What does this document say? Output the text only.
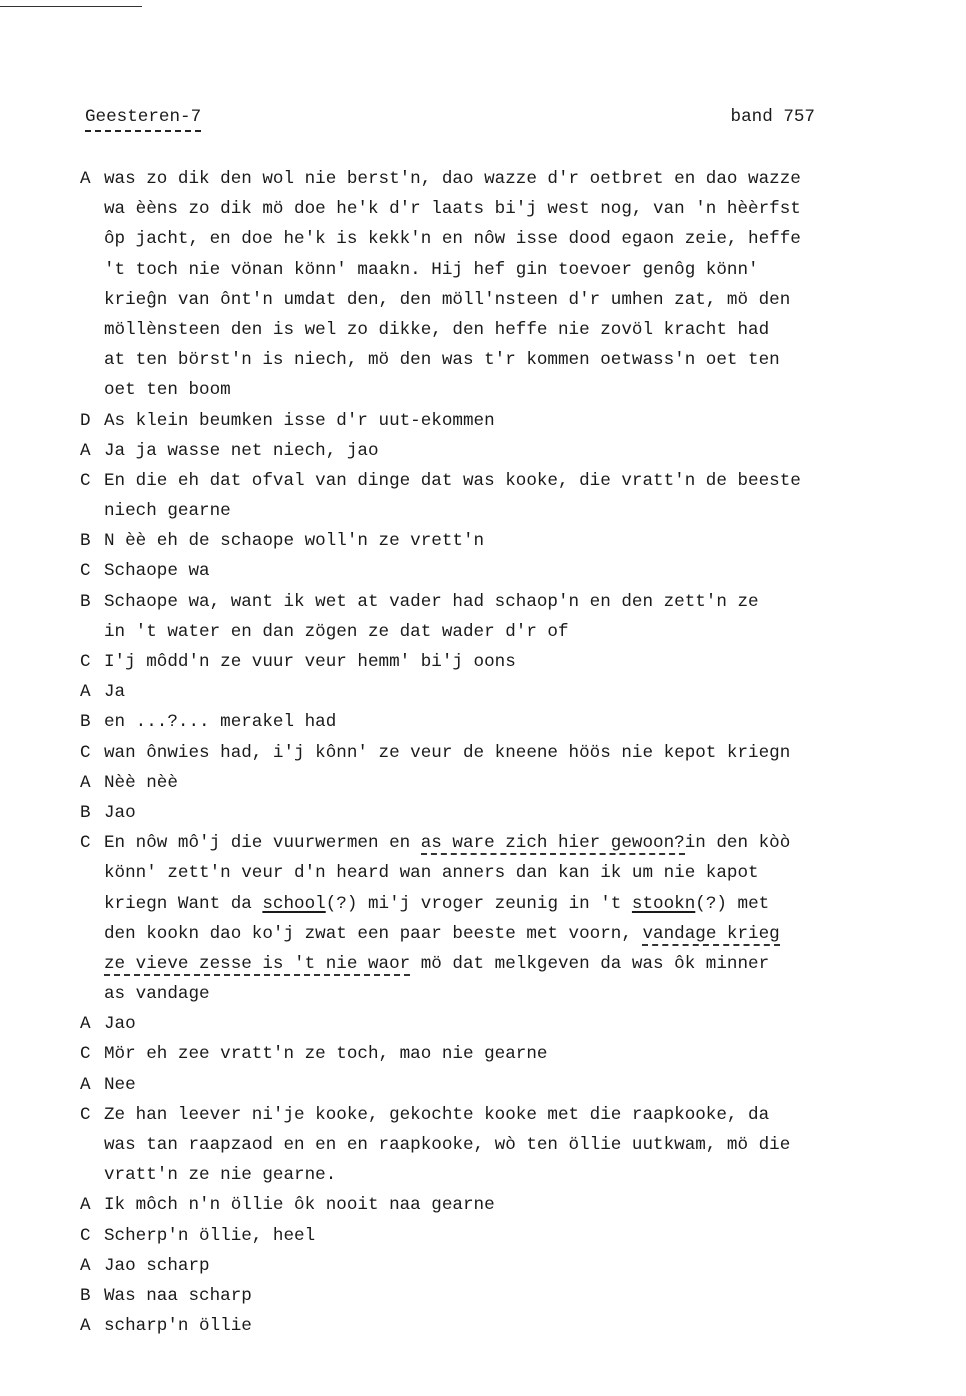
Geesteren-7	band 757
A was zo dik den wol nie berst'n, dao wazze d'r oetbret en dao wazze
wa èèns zo dik mö doe he'k d'r laats bi'j west nog, van 'n hèèrfst
ôp jacht, en doe he'k is kekk'n en nôw isse dood egaon zeie, heffe
't toch nie vönan könn' maakn. Hij hef gin toevoer genôg könn'
krieĝn van ônt'n umdat den, den möll'nsteen d'r umhen zat, mö den
möllènsteen den is wel zo dikke, den heffe nie zovöl kracht had
at ten börst'n is niech, mö den was t'r kommen oetwass'n oet ten
oet ten boom
D As klein beumken isse d'r uut-ekommen
A Ja ja wasse net niech, jao
C En die eh dat ofval van dinge dat was kooke, die vratt'n de beeste
niech gearne
B N èè eh de schaope woll'n ze vrett'n
C Schaope wa
B Schaope wa, want ik wet at vader had schaop'n en den zett'n ze
in 't water en dan zögen ze dat wader d'r of
C I'j môdd'n ze vuur veur hemm' bi'j oons
A Ja
B en ...?... merakel had
C wan ônwies had, i'j kônn' ze veur de kneene höös nie kepot kriegn
A Nèè nèè
B Jao
C En nôw mô'j die vuurwermen en as ware zich hier gewoon?in den kòò
könn' zett'n veur d'n heard wan anners dan kan ik um nie kapot
kriegn Want da school(?) mi'j vroger zeunig in 't stookn(?) met
den kookn dao ko'j zwat een paar beeste met voorn, vandage krieg
ze vieve zesse is 't nie waor mö dat melkgeven da was ôk minner
as vandage
A Jao
C Mör eh zee vratt'n ze toch, mao nie gearne
A Nee
C Ze han leever ni'je kooke, gekochte kooke met die raapkooke, da
was tan raapzaod en en en raapkooke, wò ten öllie uutkwam, mö die
vratt'n ze nie gearne.
A Ik môch n'n öllie ôk nooit naa gearne
C Scherp'n öllie, heel
A Jao scharp
B Was naa scharp
A scharp'n öllie
